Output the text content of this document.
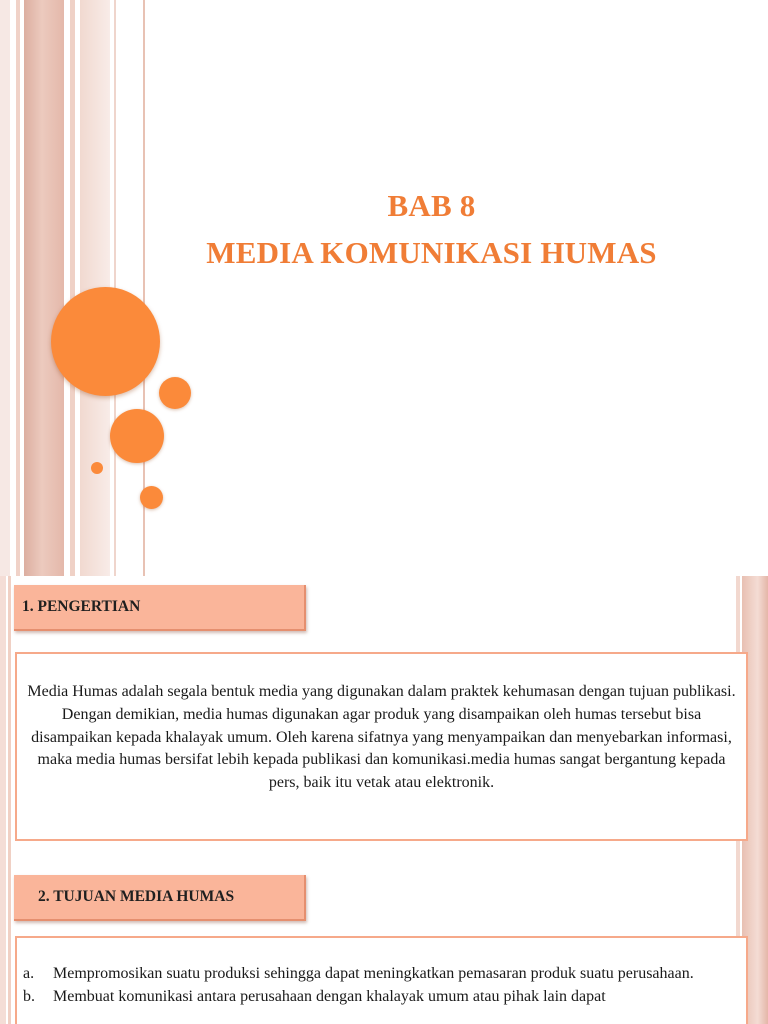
BAB 8
MEDIA KOMUNIKASI HUMAS
1. PENGERTIAN

Media Humas adalah segala bentuk media yang digunakan dalam praktek kehumasan dengan tujuan publikasi. Dengan demikian, media humas digunakan agar produk yang disampaikan oleh humas tersebut bisa disampaikan kepada khalayak umum. Oleh karena sifatnya yang menyampaikan dan menyebarkan informasi, maka media humas bersifat lebih kepada publikasi dan komunikasi.media humas sangat bergantung kepada pers, baik itu vetak atau elektronik.

2. TUJUAN MEDIA HUMAS
a.	Mempromosikan suatu produksi sehingga dapat meningkatkan pemasaran produk suatu perusahaan.
b.	Membuat komunikasi antara perusahaan dengan khalayak umum atau pihak lain dapat
